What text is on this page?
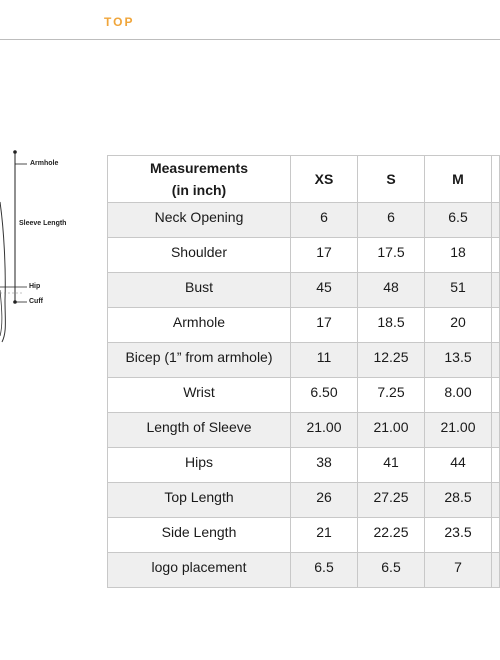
TOP
Armhole
Sleeve Length
Hip
Cuff
Measurements
(in inch)	XS	S	M	
Neck Opening	6	6	6.5	
Shoulder	17	17.5	18	
Bust	45	48	51	
Armhole	17	18.5	20	
Bicep (1” from armhole)	11	12.25	13.5	
Wrist	6.50	7.25	8.00	
Length of Sleeve	21.00	21.00	21.00	
Hips	38	41	44	
Top Length	26	27.25	28.5	
Side Length	21	22.25	23.5	
logo placement	6.5	6.5	7	
